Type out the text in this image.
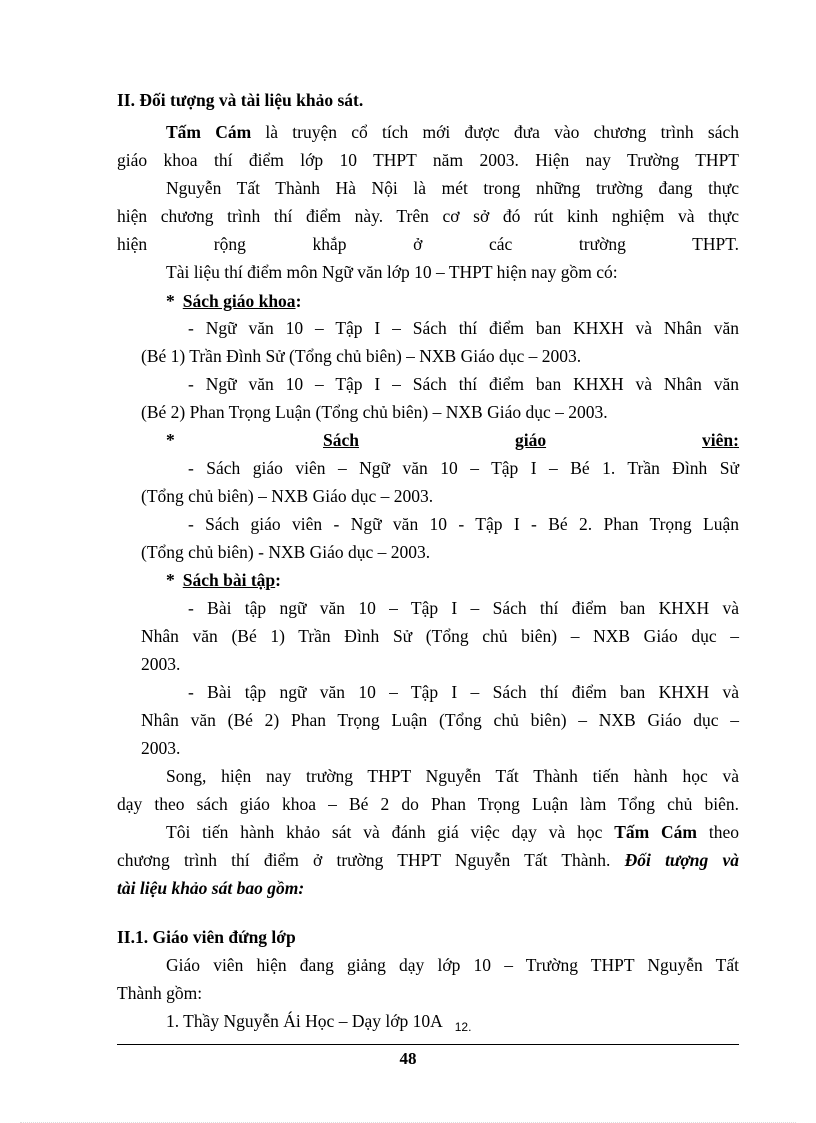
II. Đối tượng và tài liệu khảo sát.
Tấm Cám là truyện cổ tích mới được đưa vào chương trình sách
giáo khoa thí điểm lớp 10 THPT năm 2003. Hiện nay Trường THPT
Nguyễn Tất Thành Hà Nội là mét trong những trường đang thực
hiện chương trình thí điểm này. Trên cơ sở đó rút kinh nghiệm và thực
hiện rộng khắp ở các trường THPT.
Tài liệu thí điểm môn Ngữ văn lớp 10 – THPT hiện nay gồm có:
* Sách giáo khoa:
- Ngữ văn 10 – Tập I – Sách thí điểm ban KHXH và Nhân văn
(Bé 1) Trần Đình Sử (Tổng chủ biên) – NXB Giáo dục – 2003.
- Ngữ văn 10 – Tập I – Sách thí điểm ban KHXH và Nhân văn
(Bé 2) Phan Trọng Luận (Tổng chủ biên) – NXB Giáo dục – 2003.
*	Sách	giáo	viên:
- Sách giáo viên – Ngữ văn 10 – Tập I – Bé 1. Trần Đình Sử
(Tổng chủ biên) – NXB Giáo dục – 2003.
- Sách giáo viên - Ngữ văn 10 - Tập I - Bé 2. Phan Trọng Luận
(Tổng chủ biên) - NXB Giáo dục – 2003.
* Sách bài tập:
- Bài tập ngữ văn 10 – Tập I – Sách thí điểm ban KHXH và
Nhân văn (Bé 1) Trần Đình Sử (Tổng chủ biên) – NXB Giáo dục –
2003.
- Bài tập ngữ văn 10 – Tập I – Sách thí điểm ban KHXH và
Nhân văn (Bé 2) Phan Trọng Luận (Tổng chủ biên) – NXB Giáo dục –
2003.
Song, hiện nay trường THPT Nguyễn Tất Thành tiến hành học và
dạy theo sách giáo khoa – Bé 2 do Phan Trọng Luận làm Tổng chủ biên.
Tôi tiến hành khảo sát và đánh giá việc dạy và học Tấm Cám theo
chương trình thí điểm ở trường THPT Nguyễn Tất Thành. Đối tượng và
tài liệu khảo sát bao gồm:
II.1. Giáo viên đứng lớp
Giáo viên hiện đang giảng dạy lớp 10 – Trường THPT Nguyễn Tất
Thành gồm:
1. Thầy Nguyễn Ái Học – Dạy lớp 10A $_{12.}$
48
